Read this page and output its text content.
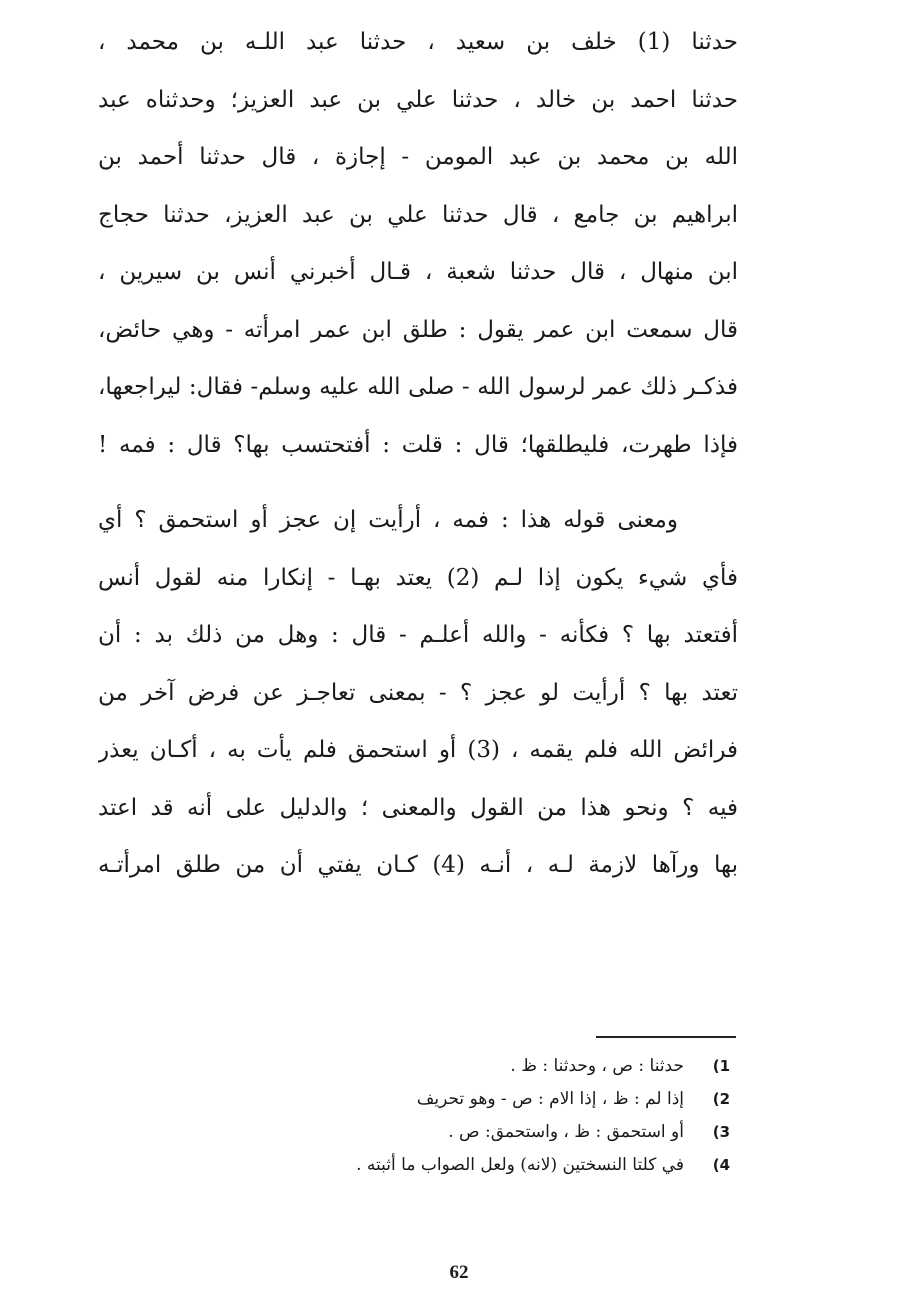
حدثنا (1) خلف بن سعيد ، حدثنا عبد اللـه بن محمد ،
حدثنا احمد بن خالد ، حدثنا علي بن عبد العزيز؛ وحدثناه عبد
الله بن محمد بن عبد المومن - إجازة ، قال حدثنا أحمد بن
ابراهيم بن جامع ، قال حدثنا علي بن عبد العزيز، حدثنا حجاج
ابن منهال ، قال حدثنا شعبة ، قـال أخبرني أنس بن سيرين ،
قال سمعت ابن عمر يقول : طلق ابن عمر امرأته - وهي حائض،
فذكـر ذلك عمر لرسول الله - صلى الله عليه وسلم- فقال: ليراجعها،
فإذا طهرت، فليطلقها؛ قال : قلت : أفتحتسب بها؟ قال : فمه !
ومعنى قوله هذا : فمه ، أرأيت إن عجز أو استحمق ؟ أي
فأي شيء يكون إذا لـم (2) يعتد بهـا - إنكارا منه لقول أنس
أفتعتد بها ؟ فكأنه - والله أعلـم - قال : وهل من ذلك بد : أن
تعتد بها ؟ أرأيت لو عجز ؟ - بمعنى تعاجـز عن فرض آخر من
فرائض الله فلم يقمه ، (3) أو استحمق فلم يأت به ، أكـان يعذر
فيه ؟ ونحو هذا من القول والمعنى ؛ والدليل على أنه قد اعتد
بها ورآها لازمة لـه ، أنـه (4) كـان يفتي أن من طلق امرأتـه
1)
حدثنا : ص ، وحدثنا : ظ .
2)
إذا لم : ظ ، إذا الام : ص - وهو تحريف
3)
أو استحمق : ظ ، واستحمق: ص .
4)
في كلتا النسختين (لانه) ولعل الصواب ما أثبته .
62
